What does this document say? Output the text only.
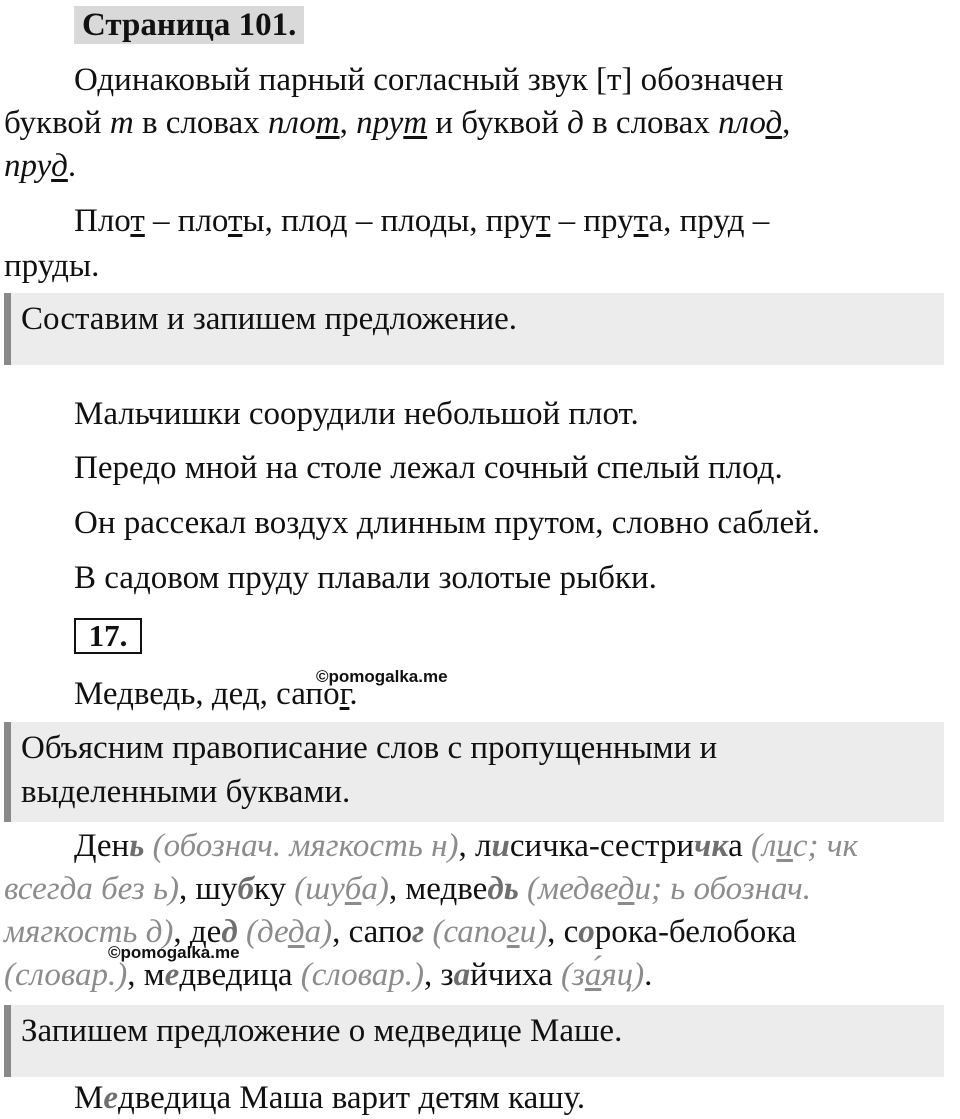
Страница 101.
Одинаковый парный согласный звук [т] обозначен
буквой т в словах плот, прут и буквой д в словах плод,
пруд.
Плот – плоты, плод – плоды, прут – прута, пруд –
пруды.
Составим и запишем предложение.
Мальчишки соорудили небольшой плот.
Передо мной на столе лежал сочный спелый плод.
Он рассекал воздух длинным прутом, словно саблей.
В садовом пруду плавали золотые рыбки.
17.
Медведь, дед, сапог.
©pomogalka.me
Объясним правописание слов с пропущенными и
выделенными буквами.
День (обознач. мягкость н), лисичка-сестричка (лис; чк
всегда без ь), шубку (шуба), медведь (медведи; ь обознач.
мягкость д), дед (деда), сапог (сапоги), сорока-белобока
©pomogalka.me
(словар.), медведица (словар.), зайчиха (за́яц).
Запишем предложение о медведице Маше.
Медведица Маша варит детям кашу.
